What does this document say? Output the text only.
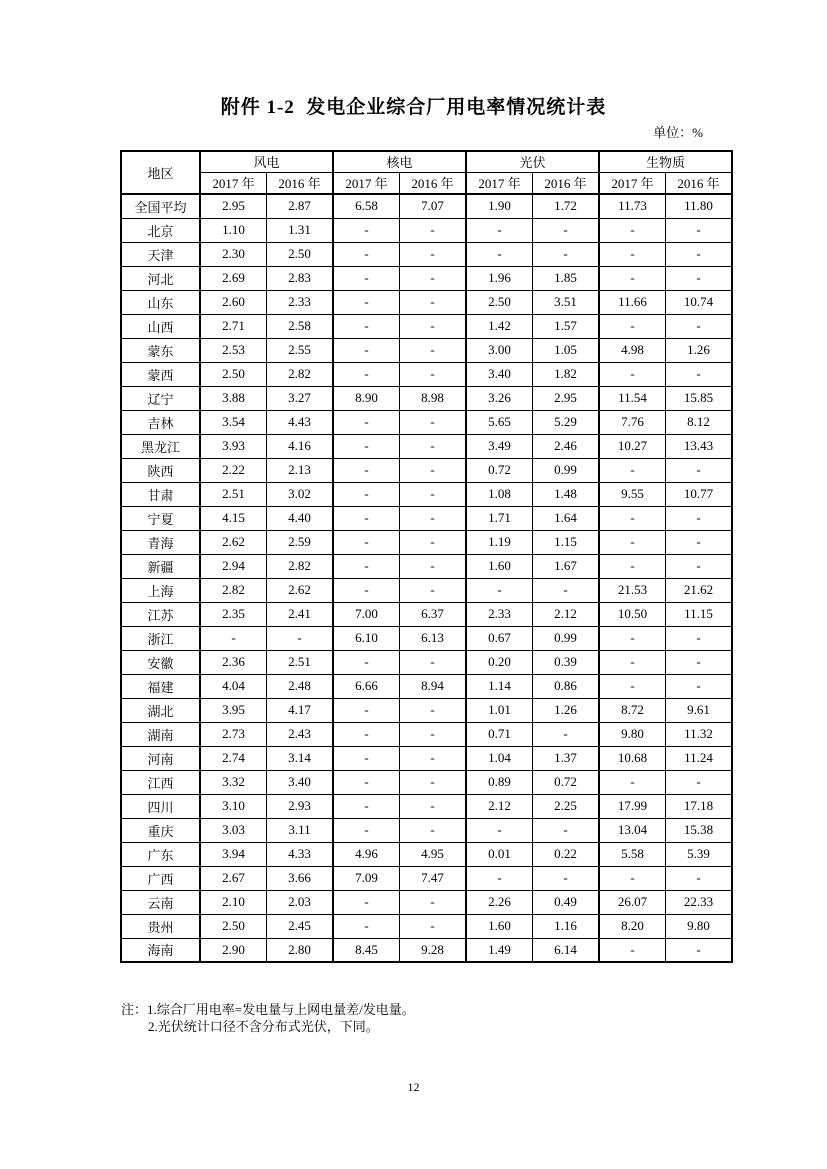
附件 1-2  发电企业综合厂用电率情况统计表
单位：%
地区	风电		核电		光伏		生物质	
	2017 年	2016 年	2017 年	2016 年	2017 年	2016 年	2017 年	2016 年
全国平均	2.95	2.87	6.58	7.07	1.90	1.72	11.73	11.80
北京	1.10	1.31	-	-	-	-	-	-
天津	2.30	2.50	-	-	-	-	-	-
河北	2.69	2.83	-	-	1.96	1.85	-	-
山东	2.60	2.33	-	-	2.50	3.51	11.66	10.74
山西	2.71	2.58	-	-	1.42	1.57	-	-
蒙东	2.53	2.55	-	-	3.00	1.05	4.98	1.26
蒙西	2.50	2.82	-	-	3.40	1.82	-	-
辽宁	3.88	3.27	8.90	8.98	3.26	2.95	11.54	15.85
吉林	3.54	4.43	-	-	5.65	5.29	7.76	8.12
黑龙江	3.93	4.16	-	-	3.49	2.46	10.27	13.43
陕西	2.22	2.13	-	-	0.72	0.99	-	-
甘肃	2.51	3.02	-	-	1.08	1.48	9.55	10.77
宁夏	4.15	4.40	-	-	1.71	1.64	-	-
青海	2.62	2.59	-	-	1.19	1.15	-	-
新疆	2.94	2.82	-	-	1.60	1.67	-	-
上海	2.82	2.62	-	-	-	-	21.53	21.62
江苏	2.35	2.41	7.00	6.37	2.33	2.12	10.50	11.15
浙江	-	-	6.10	6.13	0.67	0.99	-	-
安徽	2.36	2.51	-	-	0.20	0.39	-	-
福建	4.04	2.48	6.66	8.94	1.14	0.86	-	-
湖北	3.95	4.17	-	-	1.01	1.26	8.72	9.61
湖南	2.73	2.43	-	-	0.71	-	9.80	11.32
河南	2.74	3.14	-	-	1.04	1.37	10.68	11.24
江西	3.32	3.40	-	-	0.89	0.72	-	-
四川	3.10	2.93	-	-	2.12	2.25	17.99	17.18
重庆	3.03	3.11	-	-	-	-	13.04	15.38
广东	3.94	4.33	4.96	4.95	0.01	0.22	5.58	5.39
广西	2.67	3.66	7.09	7.47	-	-	-	-
云南	2.10	2.03	-	-	2.26	0.49	26.07	22.33
贵州	2.50	2.45	-	-	1.60	1.16	8.20	9.80
海南	2.90	2.80	8.45	9.28	1.49	6.14	-	-
注：1.综合厂用电率=发电量与上网电量差/发电量。
2.光伏统计口径不含分布式光伏，下同。
12
